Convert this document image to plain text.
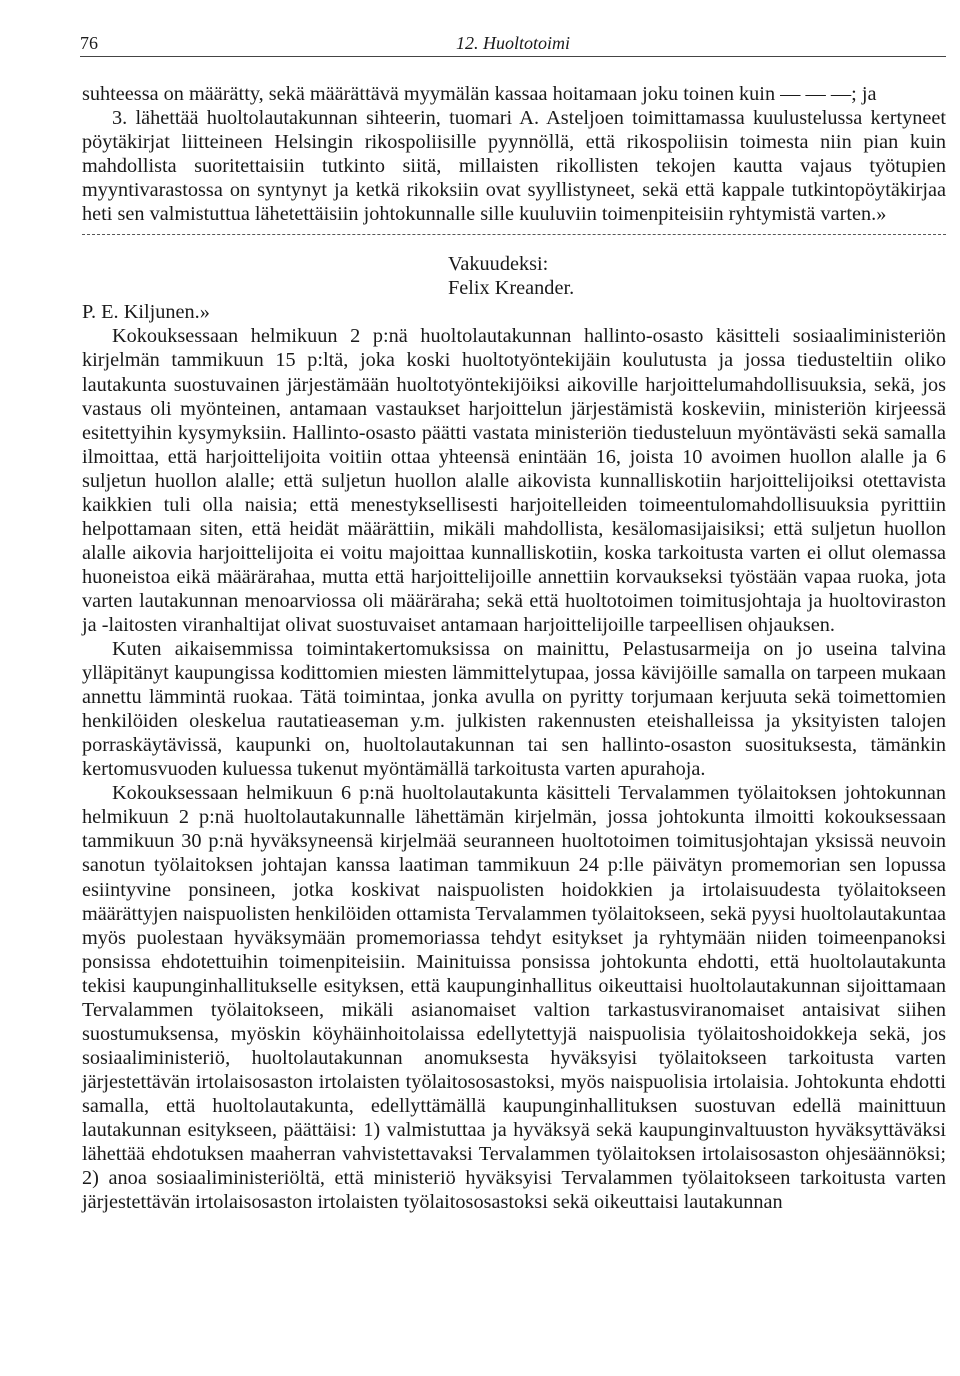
76	12. Huoltotoimi

suhteessa on määrätty, sekä määrättävä myymälän kassaa hoitamaan joku toinen kuin — — —; ja

3. lähettää huoltolautakunnan sihteerin, tuomari A. Asteljoen toimittamassa kuulustelussa kertyneet pöytäkirjat liitteineen Helsingin rikospoliisille pyynnöllä, että rikospoliisin toimesta niin pian kuin mahdollista suoritettaisiin tutkinto siitä, millaisten rikollisten tekojen kautta vajaus työtupien myyntivarastossa on syntynyt ja ketkä rikoksiin ovat syyllistyneet, sekä että kappale tutkintopöytäkirjaa heti sen valmistuttua lähetettäisiin johtokunnalle sille kuuluviin toimenpiteisiin ryhtymistä varten.»

Vakuudeksi:

Felix Kreander.

P. E. Kiljunen.»

Kokouksessaan helmikuun 2 p:nä huoltolautakunnan hallinto-osasto käsitteli sosiaaliministeriön kirjelmän tammikuun 15 p:ltä, joka koski huoltotyöntekijäin koulutusta ja jossa tiedusteltiin oliko lautakunta suostuvainen järjestämään huoltotyöntekijöiksi aikoville harjoittelumahdollisuuksia, sekä, jos vastaus oli myönteinen, antamaan vastaukset harjoittelun järjestämistä koskeviin, ministeriön kirjeessä esitettyihin kysymyksiin. Hallinto-osasto päätti vastata ministeriön tiedusteluun myöntävästi sekä samalla ilmoittaa, että harjoittelijoita voitiin ottaa yhteensä enintään 16, joista 10 avoimen huollon alalle ja 6 suljetun huollon alalle; että suljetun huollon alalle aikovista kunnalliskotiin harjoittelijoiksi otettavista kaikkien tuli olla naisia; että menestyksellisesti harjoitelleiden toimeentulomahdollisuuksia pyrittiin helpottamaan siten, että heidät määrättiin, mikäli mahdollista, kesälomasijaisiksi; että suljetun huollon alalle aikovia harjoittelijoita ei voitu majoittaa kunnalliskotiin, koska tarkoitusta varten ei ollut olemassa huoneistoa eikä määrärahaa, mutta että harjoittelijoille annettiin korvaukseksi työstään vapaa ruoka, jota varten lautakunnan menoarviossa oli määräraha; sekä että huoltotoimen toimitusjohtaja ja huoltoviraston ja -laitosten viranhaltijat olivat suostuvaiset antamaan harjoittelijoille tarpeellisen ohjauksen.

Kuten aikaisemmissa toimintakertomuksissa on mainittu, Pelastusarmeija on jo useina talvina ylläpitänyt kaupungissa kodittomien miesten lämmittelytupaa, jossa kävijöille samalla on tarpeen mukaan annettu lämmintä ruokaa. Tätä toimintaa, jonka avulla on pyritty torjumaan kerjuuta sekä toimettomien henkilöiden oleskelua rautatieaseman y.m. julkisten rakennusten eteishalleissa ja yksityisten talojen porraskäytävissä, kaupunki on, huoltolautakunnan tai sen hallinto-osaston suosituksesta, tämänkin kertomusvuoden kuluessa tukenut myöntämällä tarkoitusta varten apurahoja.

Kokouksessaan helmikuun 6 p:nä huoltolautakunta käsitteli Tervalammen työlaitoksen johtokunnan helmikuun 2 p:nä huoltolautakunnalle lähettämän kirjelmän, jossa johtokunta ilmoitti kokouksessaan tammikuun 30 p:nä hyväksyneensä kirjelmää seuranneen huoltotoimen toimitusjohtajan yksissä neuvoin sanotun työlaitoksen johtajan kanssa laatiman tammikuun 24 p:lle päivätyn promemorian sen lopussa esiintyvine ponsineen, jotka koskivat naispuolisten hoidokkien ja irtolaisuudesta työlaitokseen määrättyjen naispuolisten henkilöiden ottamista Tervalammen työlaitokseen, sekä pyysi huoltolautakuntaa myös puolestaan hyväksymään promemoriassa tehdyt esitykset ja ryhtymään niiden toimeenpanoksi ponsissa ehdotettuihin toimenpiteisiin. Mainituissa ponsissa johtokunta ehdotti, että huoltolautakunta tekisi kaupunginhallitukselle esityksen, että kaupunginhallitus oikeuttaisi huoltolautakunnan sijoittamaan Tervalammen työlaitokseen, mikäli asianomaiset valtion tarkastusviranomaiset antaisivat siihen suostumuksensa, myöskin köyhäinhoitolaissa edellytettyjä naispuolisia työlaitoshoidokkeja sekä, jos sosiaaliministeriö, huoltolautakunnan anomuksesta hyväksyisi työlaitokseen tarkoitusta varten järjestettävän irtolaisosaston irtolaisten työlaitososastoksi, myös naispuolisia irtolaisia. Johtokunta ehdotti samalla, että huoltolautakunta, edellyttämällä kaupunginhallituksen suostuvan edellä mainittuun lautakunnan esitykseen, päättäisi: 1) valmistuttaa ja hyväksyä sekä kaupunginvaltuuston hyväksyttäväksi lähettää ehdotuksen maaherran vahvistettavaksi Tervalammen työlaitoksen irtolaisosaston ohjesäännöksi; 2) anoa sosiaaliministeriöltä, että ministeriö hyväksyisi Tervalammen työlaitokseen tarkoitusta varten järjestettävän irtolaisosaston irtolaisten työlaitososastoksi sekä oikeuttaisi lautakunnan
